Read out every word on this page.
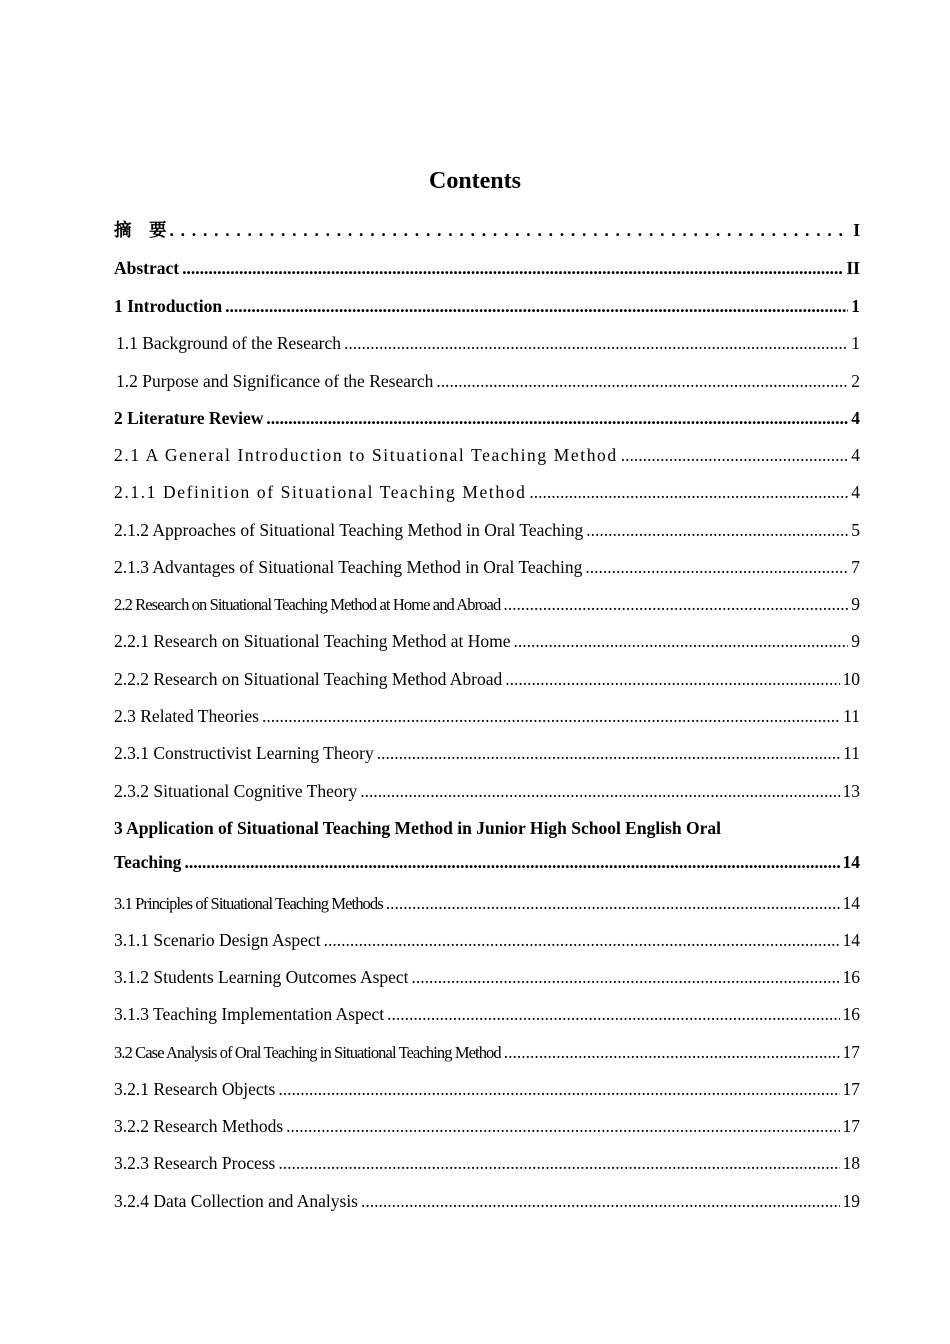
Contents
摘　要 . . .	I
Abstract .....	II
1 Introduction .....	1
1.1 Background of the Research .....	1
1.2 Purpose and Significance of the Research .....	2
2 Literature Review .....	4
2.1 A General Introduction to Situational Teaching Method .....	4
2.1.1 Definition of Situational Teaching Method .....	4
2.1.2 Approaches of Situational Teaching Method in Oral Teaching .....	5
2.1.3 Advantages of Situational Teaching Method in Oral Teaching .....	7
2.2 Research on Situational Teaching Method at Home and Abroad .....	9
2.2.1 Research on Situational Teaching Method at Home .....	9
2.2.2 Research on Situational Teaching Method Abroad .....	10
2.3 Related Theories .....	11
2.3.1 Constructivist Learning Theory .....	11
2.3.2 Situational Cognitive Theory .....	13
3 Application of Situational Teaching Method in Junior High School English Oral
Teaching .....	14
3.1 Principles of Situational Teaching Methods .....	14
3.1.1 Scenario Design Aspect .....	14
3.1.2 Students Learning Outcomes Aspect .....	16
3.1.3 Teaching Implementation Aspect .....	16
3.2 Case Analysis of Oral Teaching in Situational Teaching Method .....	17
3.2.1 Research Objects .....	17
3.2.2 Research Methods .....	17
3.2.3 Research Process .....	18
3.2.4 Data Collection and Analysis .....	19
